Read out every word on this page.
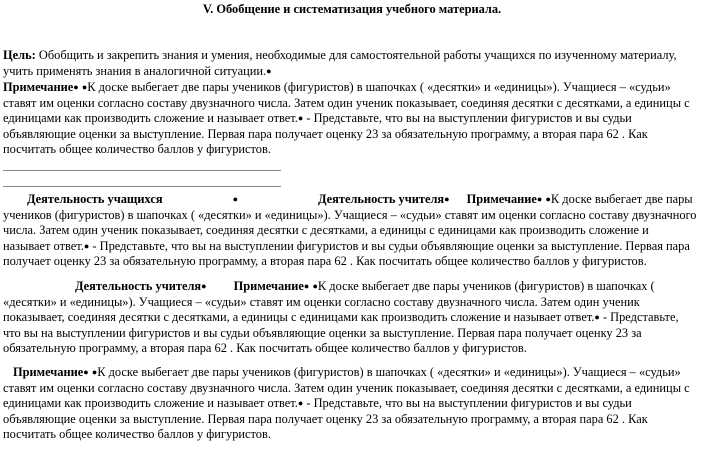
V. Обобщение и систематизация учебного материала.

Цель: Обобщить и закрепить знания и умения, необходимые для самостоятельной работы учащихся по изученному материалу, учить применять знания в аналогичной ситуации.●

Примечание● ●К доске выбегает две пары учеников (фигуристов) в шапочках ( «десятки» и «единицы»). Учащиеся – «судьи» ставят им оценки согласно составу двузначного числа. Затем один ученик показывает, соединяя десятки с десятками, а единицы с единицами как производить сложение и называет ответ.● - Представьте, что вы на выступлении фигуристов и вы судьи объявляющие оценки за выступление. Первая пара получает оценку 23 за обязательную программу, а вторая пара 62 . Как посчитать общее количество баллов у фигуристов.

Деятельность учащихся	●	Деятельность учителя● Примечание● ●К доске выбегает две пары учеников (фигуристов) в шапочках ( «десятки» и «единицы»). Учащиеся – «судьи» ставят им оценки согласно составу двузначного числа. Затем один ученик показывает, соединяя десятки с десятками, а единицы с единицами как производить сложение и называет ответ.● - Представьте, что вы на выступлении фигуристов и вы судьи объявляющие оценки за выступление. Первая пара получает оценку 23 за обязательную программу, а вторая пара 62 . Как посчитать общее количество баллов у фигуристов.

Деятельность учителя● Примечание● ●К доске выбегает две пары учеников (фигуристов) в шапочках ( «десятки» и «единицы»). Учащиеся – «судьи» ставят им оценки согласно составу двузначного числа. Затем один ученик показывает, соединяя десятки с десятками, а единицы с единицами как производить сложение и называет ответ.● - Представьте, что вы на выступлении фигуристов и вы судьи объявляющие оценки за выступление. Первая пара получает оценку 23 за обязательную программу, а вторая пара 62 . Как посчитать общее количество баллов у фигуристов.

Примечание● ●К доске выбегает две пары учеников (фигуристов) в шапочках ( «десятки» и «единицы»). Учащиеся – «судьи» ставят им оценки согласно составу двузначного числа. Затем один ученик показывает, соединяя десятки с десятками, а единицы с единицами как производить сложение и называет ответ.● - Представьте, что вы на выступлении фигуристов и вы судьи объявляющие оценки за выступление. Первая пара получает оценку 23 за обязательную программу, а вторая пара 62 . Как посчитать общее количество баллов у фигуристов.
